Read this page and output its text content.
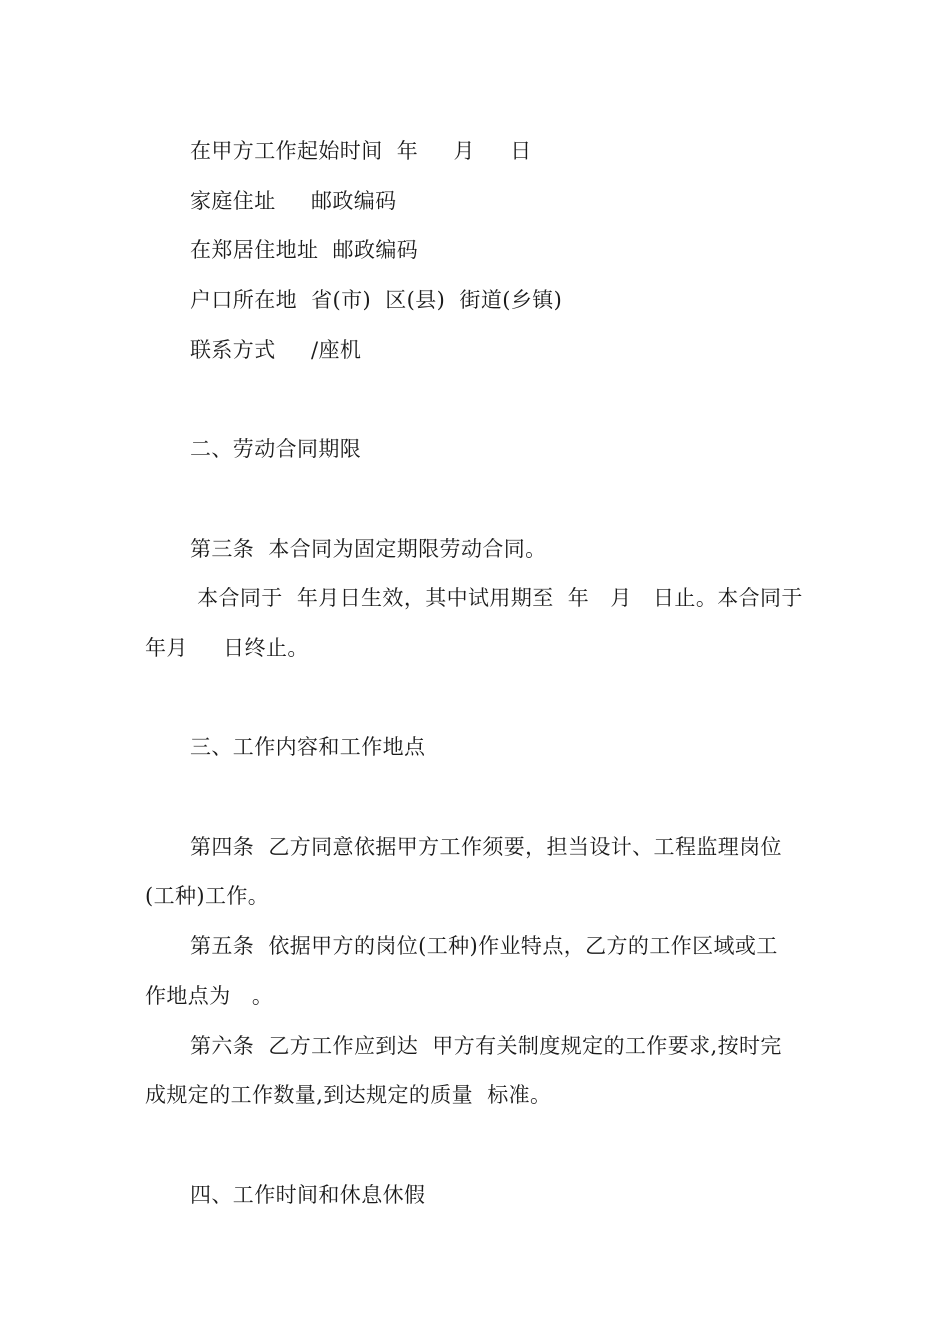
在甲方工作起始时间  年     月     日
家庭住址     邮政编码
在郑居住地址  邮政编码
户口所在地  省(市)  区(县)  街道(乡镇)
联系方式     /座机
二、劳动合同期限
第三条  本合同为固定期限劳动合同。
本合同于  年月日生效，其中试用期至  年   月   日止。本合同于
年月     日终止。
三、工作内容和工作地点
第四条  乙方同意依据甲方工作须要，担当设计、工程监理岗位
(工种)工作。
第五条  依据甲方的岗位(工种)作业特点，乙方的工作区域或工
作地点为   。
第六条  乙方工作应到达  甲方有关制度规定的工作要求,按时完
成规定的工作数量,到达规定的质量  标准。
四、工作时间和休息休假
